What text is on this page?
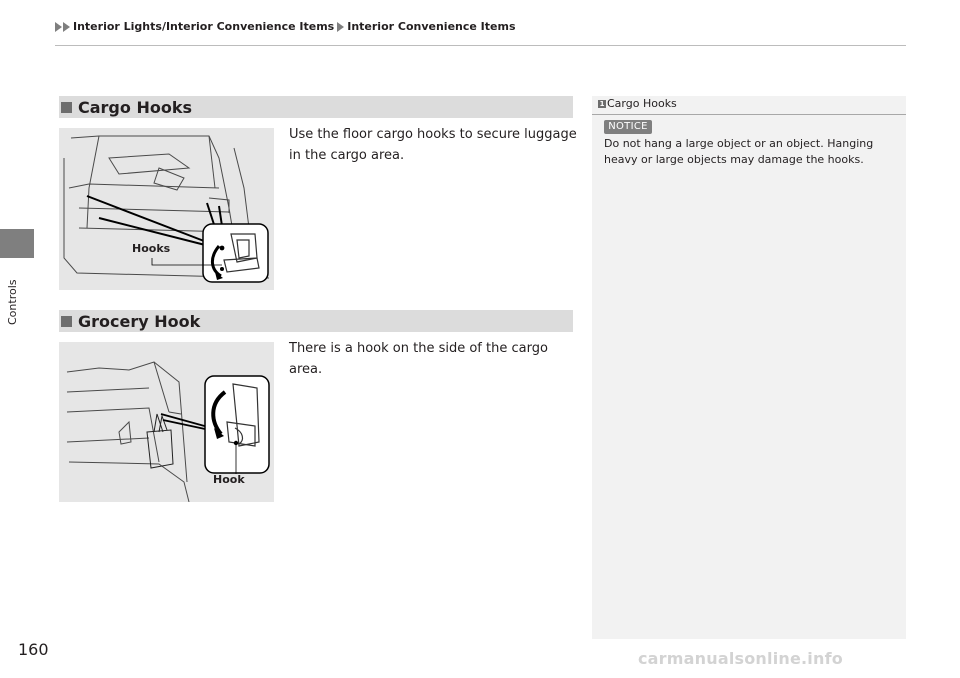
Interior Lights/Interior Convenience Items Interior Convenience Items
Controls
Cargo Hooks
Hooks
Use the floor cargo hooks to secure luggage in the cargo area.
Grocery Hook
Hook
There is a hook on the side of the cargo area.
1 Cargo Hooks
NOTICE
Do not hang a large object or an object. Hanging heavy or large objects may damage the hooks.
160	carmanualsonline.info
